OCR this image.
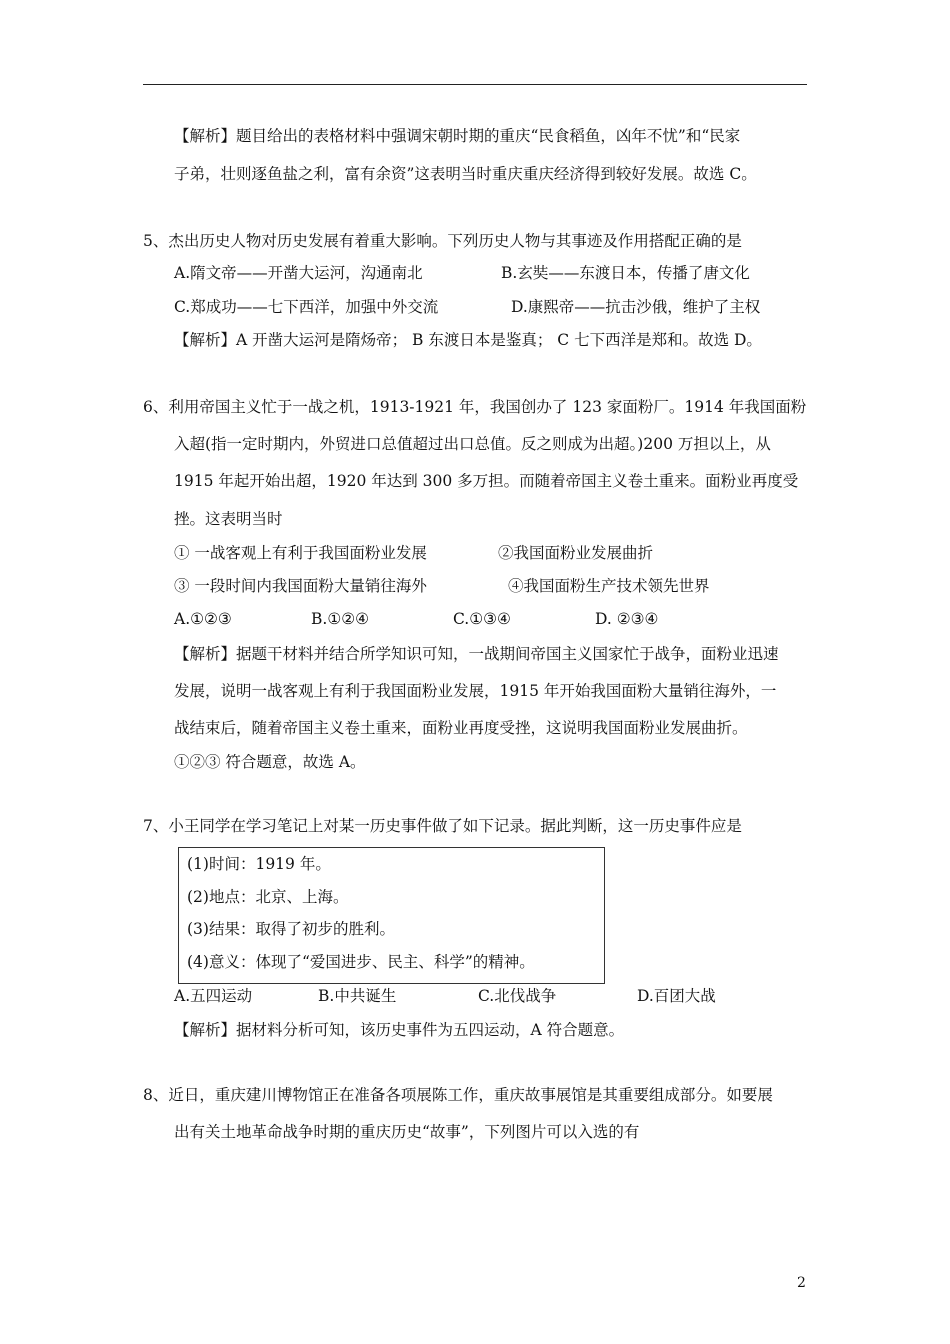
【解析】题目给出的表格材料中强调宋朝时期的重庆“民食稻鱼，凶年不忧”和“民家
子弟，壮则逐鱼盐之利，富有余资”这表明当时重庆重庆经济得到较好发展。故选 C。
5、杰出历史人物对历史发展有着重大影响。下列历史人物与其事迹及作用搭配正确的是
A.隋文帝——开凿大运河，沟通南北	B.玄奘——东渡日本，传播了唐文化
C.郑成功——七下西洋，加强中外交流	D.康熙帝——抗击沙俄，维护了主权
【解析】A 开凿大运河是隋炀帝； B 东渡日本是鉴真； C 七下西洋是郑和。故选 D。
6、利用帝国主义忙于一战之机，1913-1921 年，我国创办了 123 家面粉厂。1914 年我国面粉
入超(指一定时期内，外贸进口总值超过出口总值。反之则成为出超。)200 万担以上，从
1915 年起开始出超，1920 年达到 300 多万担。而随着帝国主义卷土重来。面粉业再度受
挫。这表明当时
① 一战客观上有利于我国面粉业发展	②我国面粉业发展曲折
③ 一段时间内我国面粉大量销往海外	④我国面粉生产技术领先世界
A.①②③	B.①②④	C.①③④	D. ②③④
【解析】据题干材料并结合所学知识可知，一战期间帝国主义国家忙于战争，面粉业迅速
发展，说明一战客观上有利于我国面粉业发展，1915 年开始我国面粉大量销往海外，一
战结束后，随着帝国主义卷土重来，面粉业再度受挫，这说明我国面粉业发展曲折。
①②③ 符合题意，故选 A。
7、小王同学在学习笔记上对某一历史事件做了如下记录。据此判断，这一历史事件应是
(1)时间：1919 年。
(2)地点：北京、上海。
(3)结果：取得了初步的胜利。
(4)意义：体现了“爱国进步、民主、科学”的精神。
A.五四运动	B.中共诞生	C.北伐战争	D.百团大战
【解析】据材料分析可知，该历史事件为五四运动，A 符合题意。
8、近日，重庆建川博物馆正在准备各项展陈工作，重庆故事展馆是其重要组成部分。如要展
出有关土地革命战争时期的重庆历史“故事”，下列图片可以入选的有
2
